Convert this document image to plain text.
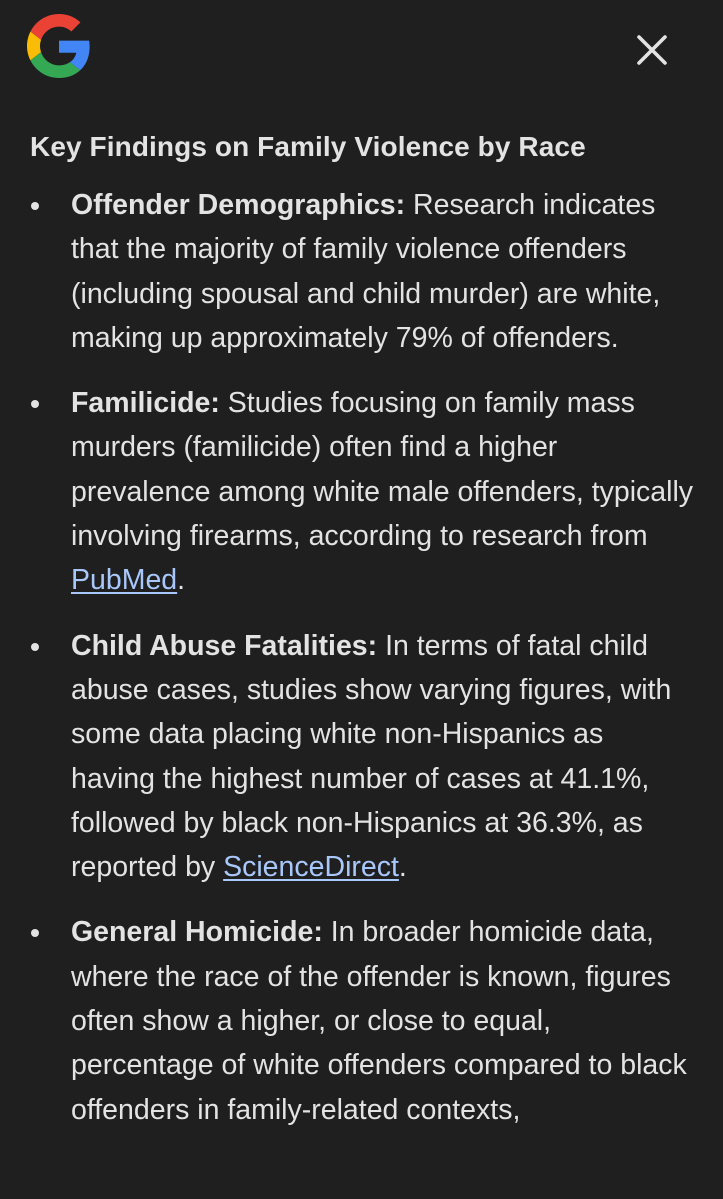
Key Findings on Family Violence by Race
Offender Demographics: Research indicates that the majority of family violence offenders (including spousal and child murder) are white, making up approximately 79% of offenders.
Familicide: Studies focusing on family mass murders (familicide) often find a higher prevalence among white male offenders, typically involving firearms, according to research from PubMed.
Child Abuse Fatalities: In terms of fatal child abuse cases, studies show varying figures, with some data placing white non-Hispanics as having the highest number of cases at 41.1%, followed by black non-Hispanics at 36.3%, as reported by ScienceDirect.
General Homicide: In broader homicide data, where the race of the offender is known, figures often show a higher, or close to equal, percentage of white offenders compared to black offenders in family-related contexts,
